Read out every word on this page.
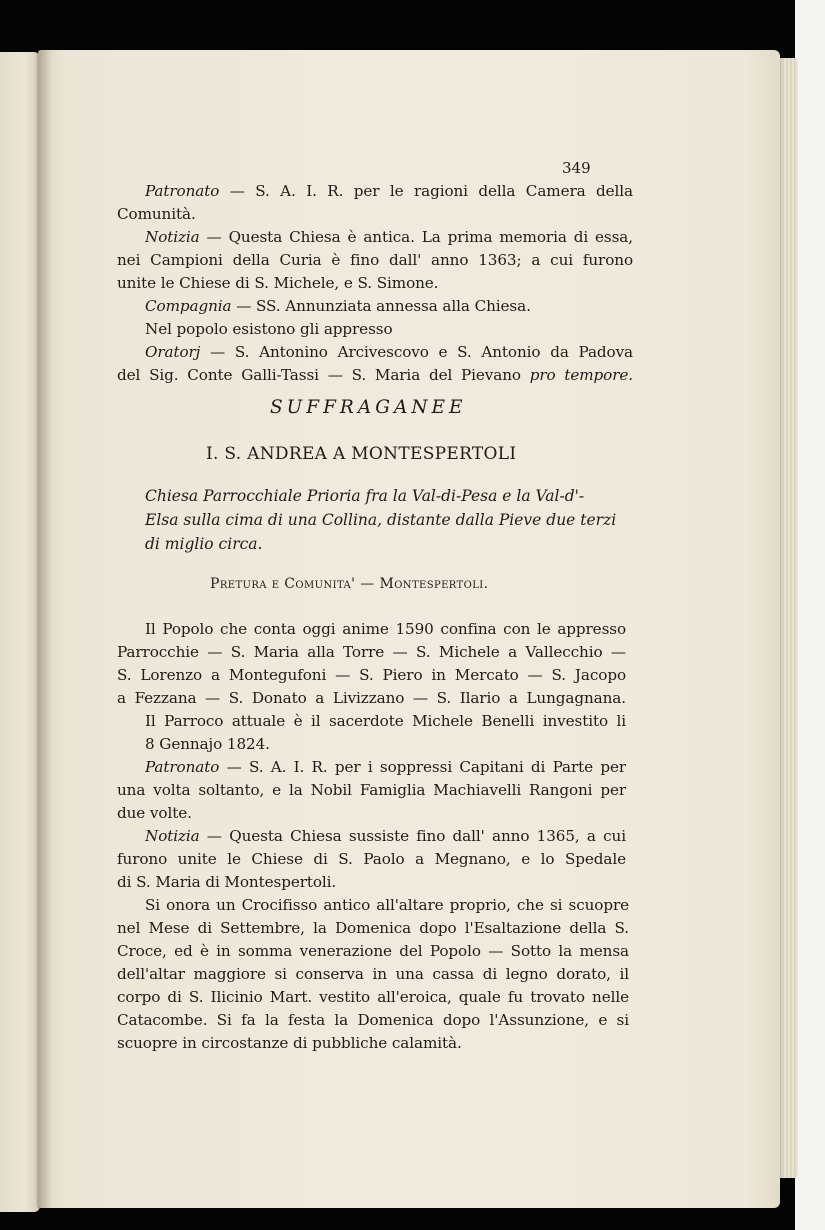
349
Patronato — S. A. I. R. per le ragioni della Camera della
Comunità.
Notizia — Questa Chiesa è antica. La prima memoria di essa,
nei Campioni della Curia è fino dall' anno 1363; a cui furono
unite le Chiese di S. Michele, e S. Simone.
Compagnia — SS. Annunziata annessa alla Chiesa.
Nel popolo esistono gli appresso
Oratorj — S. Antonino Arcivescovo e S. Antonio da Padova
del Sig. Conte Galli-Tassi — S. Maria del Pievano pro tempore.
SUFFRAGANEE
I. S. ANDREA A MONTESPERTOLI
Chiesa Parrocchiale Prioria fra la Val-di-Pesa e la Val-d'-
Elsa sulla cima di una Collina, distante dalla Pieve due terzi
di miglio circa.
Pretura e Comunita' — Montespertoli.
Il Popolo che conta oggi anime 1590 confina con le appresso
Parrocchie — S. Maria alla Torre — S. Michele a Vallecchio —
S. Lorenzo a Montegufoni — S. Piero in Mercato — S. Jacopo
a Fezzana — S. Donato a Livizzano — S. Ilario a Lungagnana.
Il Parroco attuale è il sacerdote Michele Benelli investito li
8 Gennajo 1824.
Patronato — S. A. I. R. per i soppressi Capitani di Parte per
una volta soltanto, e la Nobil Famiglia Machiavelli Rangoni per
due volte.
Notizia — Questa Chiesa sussiste fino dall' anno 1365, a cui
furono unite le Chiese di S. Paolo a Megnano, e lo Spedale
di S. Maria di Montespertoli.
Si onora un Crocifisso antico all'altare proprio, che si scuopre
nel Mese di Settembre, la Domenica dopo l'Esaltazione della S.
Croce, ed è in somma venerazione del Popolo — Sotto la mensa
dell'altar maggiore si conserva in una cassa di legno dorato, il
corpo di S. Ilicinio Mart. vestito all'eroica, quale fu trovato nelle
Catacombe. Si fa la festa la Domenica dopo l'Assunzione, e si
scuopre in circostanze di pubbliche calamità.
